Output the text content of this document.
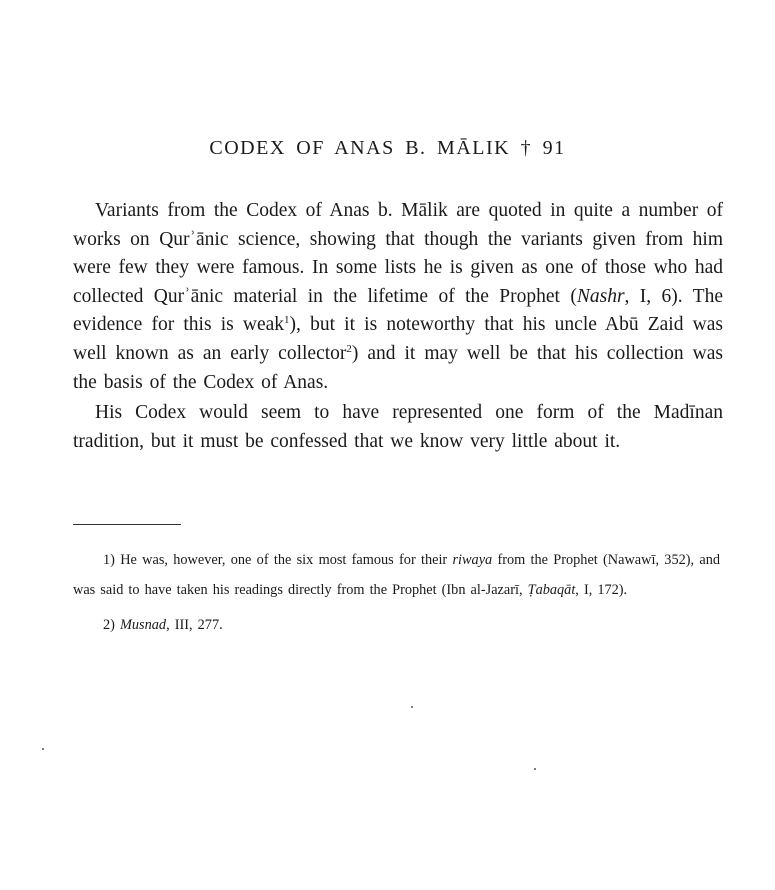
CODEX OF ANAS B. MĀLIK † 91

Variants from the Codex of Anas b. Mālik are quoted in quite a number of works on Qurʾānic science, showing that though the variants given from him were few they were famous. In some lists he is given as one of those who had collected Qurʾānic material in the lifetime of the Prophet (Nashr, I, 6). The evidence for this is weak$^1$), but it is noteworthy that his uncle Abū Zaid was well known as an early collector$^2$) and it may well be that his collection was the basis of the Codex of Anas.

His Codex would seem to have represented one form of the Madīnan tradition, but it must be confessed that we know very little about it.

1) He was, however, one of the six most famous for their riwaya from the Prophet (Nawawī, 352), and was said to have taken his readings directly from the Prophet (Ibn al-Jazarī, Ṭabaqāt, I, 172).

2) Musnad, III, 277.
